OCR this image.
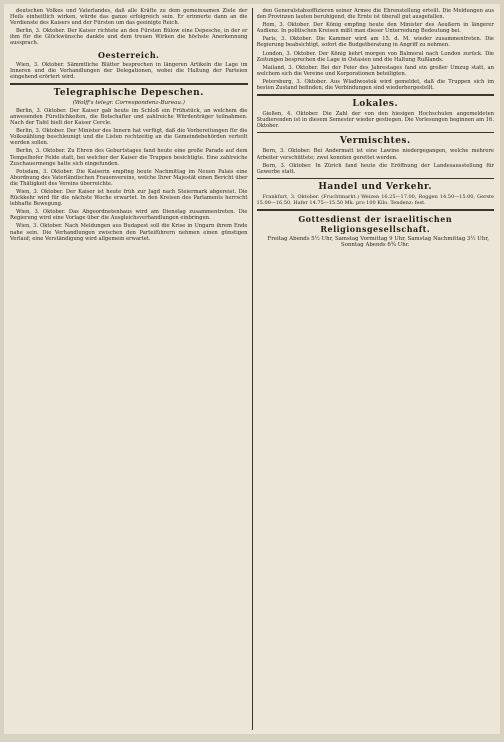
deutschen Volkes und Vaterlandes, daß alle Kräfte zu dem gemeinsamen Ziele der Heils einheitlich wirken, würde das ganze erfolgreich sein. Er erinnerte dann an die Verdienste des Kaisers und der Fürsten um das geeinigte Reich.

Berlin, 3. Oktober. Der Kaiser richtete an den Fürsten Bülow eine Depesche, in der er ihm für die Glückwünsche dankte und dem treuen Wirken die höchste Anerkennung aussprach.

Oesterreich.

Wien, 3. Oktober. Sämmtliche Blätter besprechen in längeren Artikeln die Lage im Inneren und die Verhandlungen der Delegationen, wobei die Haltung der Parteien eingehend erörtert wird.

Telegraphische Depeschen.
(Wolff's telegr. Correspondenz-Bureau.)

Berlin, 3. Oktober. Der Kaiser gab heute im Schloß ein Frühstück, an welchem die anwesenden Fürstlichkeiten, die Botschafter und zahlreiche Würdenträger teilnahmen. Nach der Tafel hielt der Kaiser Cercle.

Berlin, 3. Oktober. Der Minister des Innern hat verfügt, daß die Vorbereitungen für die Volkszählung beschleunigt und die Listen rechtzeitig an die Gemeindebehörden verteilt werden sollen.

Berlin, 3. Oktober. Zu Ehren des Geburtstages fand heute eine große Parade auf dem Tempelhofer Felde statt, bei welcher der Kaiser die Truppen besichtigte. Eine zahlreiche Zuschauermenge hatte sich eingefunden.

Potsdam, 3. Oktober. Die Kaiserin empfing heute Nachmittag im Neuen Palais eine Abordnung des Vaterländischen Frauenvereins, welche Ihrer Majestät einen Bericht über die Thätigkeit des Vereins überreichte.

Wien, 3. Oktober. Der Kaiser ist heute früh zur Jagd nach Steiermark abgereist. Die Rückkehr wird für die nächste Woche erwartet. In den Kreisen des Parlaments herrscht lebhafte Bewegung.

Wien, 3. Oktober. Das Abgeordnetenhaus wird am Dienstag zusammentreten. Die Regierung wird eine Vorlage über die Ausgleichsverhandlungen einbringen.

Wien, 3. Oktober. Nach Meldungen aus Budapest soll die Krise in Ungarn ihrem Ende nahe sein. Die Verhandlungen zwischen den Parteiführern nehmen einen günstigen Verlauf; eine Verständigung wird allgemein erwartet.

den Generalstabsoffizieren seiner Armee die Ehrenstellung erteilt. Die Meldungen aus den Provinzen lauten beruhigend, die Ernte ist überall gut ausgefallen.

Rom, 3. Oktober. Der König empfing heute den Minister des Aeußern in längerer Audienz. In politischen Kreisen mißt man dieser Unterredung Bedeutung bei.

Paris, 3. Oktober. Die Kammer wird am 15. d. M. wieder zusammentreten. Die Regierung beabsichtigt, sofort die Budgetberatung in Angriff zu nehmen.

London, 3. Oktober. Der König kehrt morgen von Balmoral nach London zurück. Die Zeitungen besprechen die Lage in Ostasien und die Haltung Rußlands.

Mailand, 3. Oktober. Bei der Feier des Jahrestages fand ein großer Umzug statt, an welchem sich die Vereine und Korporationen beteiligten.

Petersburg, 3. Oktober. Aus Wladiwostok wird gemeldet, daß die Truppen sich im besten Zustand befinden; die Verbindungen sind wiederhergestellt.

Lokales.

Gießen, 4. Oktober. Die Zahl der von den hiesigen Hochschulen angemeldeten Studierenden ist in diesem Semester wieder gestiegen. Die Vorlesungen beginnen am 16. Oktober.

Vermischtes.

Bern, 3. Oktober. Bei Andermatt ist eine Lawine niedergegangen, welche mehrere Arbeiter verschüttete; zwei konnten gerettet werden.

Bern, 3. Oktober. In Zürich fand heute die Eröffnung der Landesausstellung für Gewerbe statt.

Handel und Verkehr.

Frankfurt, 3. Oktober. (Fruchtmarkt.) Weizen 16.25—17.00, Roggen 14.50—15.00, Gerste 15.00—16.50, Hafer 14.75—15.50 Mk. pro 100 Kilo. Tendenz: fest.

Gottesdienst der israelitischen Religionsgesellschaft.

Freitag Abends 5½ Uhr, Samstag Vormittag 9 Uhr, Samstag Nachmittag 3½ Uhr, Sonntag Abends 6¾ Uhr.
